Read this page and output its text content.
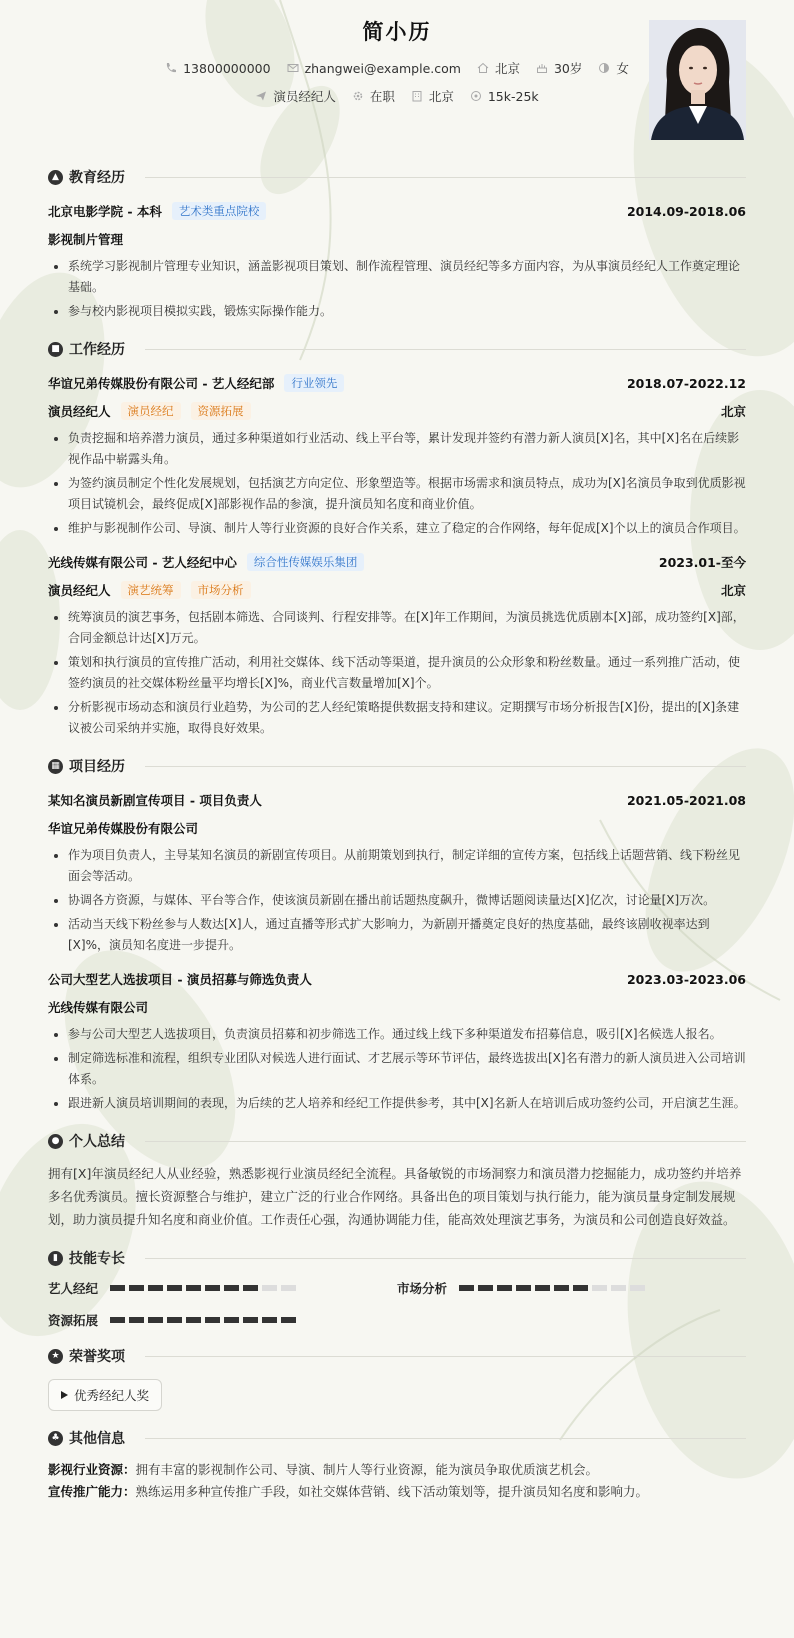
简小历
13800000000	zhangwei@example.com	北京	30岁	女
演员经纪人	在职	北京	15k-25k
▲ 教育经历
北京电影学院 - 本科	艺术类重点院校	2014.09-2018.06
影视制片管理
• 系统学习影视制片管理专业知识，涵盖影视项目策划、制作流程管理、演员经纪等多方面内容，为从事演员经纪人工作奠定理论基础。
• 参与校内影视项目模拟实践，锻炼实际操作能力。
■ 工作经历
华谊兄弟传媒股份有限公司 - 艺人经纪部	行业领先	2018.07-2022.12
演员经纪人	演员经纪	资源拓展	北京
• 负责挖掘和培养潜力演员，通过多种渠道如行业活动、线上平台等，累计发现并签约有潜力新人演员[X]名，其中[X]名在后续影视作品中崭露头角。
• 为签约演员制定个性化发展规划，包括演艺方向定位、形象塑造等。根据市场需求和演员特点，成功为[X]名演员争取到优质影视项目试镜机会，最终促成[X]部影视作品的参演，提升演员知名度和商业价值。
• 维护与影视制作公司、导演、制片人等行业资源的良好合作关系，建立了稳定的合作网络，每年促成[X]个以上的演员合作项目。
光线传媒有限公司 - 艺人经纪中心	综合性传媒娱乐集团	2023.01-至今
演员经纪人	演艺统筹	市场分析	北京
• 统筹演员的演艺事务，包括剧本筛选、合同谈判、行程安排等。在[X]年工作期间，为演员挑选优质剧本[X]部，成功签约[X]部，合同金额总计达[X]万元。
• 策划和执行演员的宣传推广活动，利用社交媒体、线下活动等渠道，提升演员的公众形象和粉丝数量。通过一系列推广活动，使签约演员的社交媒体粉丝量平均增长[X]%，商业代言数量增加[X]个。
• 分析影视市场动态和演员行业趋势，为公司的艺人经纪策略提供数据支持和建议。定期撰写市场分析报告[X]份，提出的[X]条建议被公司采纳并实施，取得良好效果。
▦ 项目经历
某知名演员新剧宣传项目 - 项目负责人	2021.05-2021.08
华谊兄弟传媒股份有限公司
• 作为项目负责人，主导某知名演员的新剧宣传项目。从前期策划到执行，制定详细的宣传方案，包括线上话题营销、线下粉丝见面会等活动。
• 协调各方资源，与媒体、平台等合作，使该演员新剧在播出前话题热度飙升，微博话题阅读量达[X]亿次，讨论量[X]万次。
• 活动当天线下粉丝参与人数达[X]人，通过直播等形式扩大影响力，为新剧开播奠定良好的热度基础，最终该剧收视率达到[X]%，演员知名度进一步提升。
公司大型艺人选拔项目 - 演员招募与筛选负责人	2023.03-2023.06
光线传媒有限公司
• 参与公司大型艺人选拔项目，负责演员招募和初步筛选工作。通过线上线下多种渠道发布招募信息，吸引[X]名候选人报名。
• 制定筛选标准和流程，组织专业团队对候选人进行面试、才艺展示等环节评估，最终选拔出[X]名有潜力的新人演员进入公司培训体系。
• 跟进新人演员培训期间的表现，为后续的艺人培养和经纪工作提供参考，其中[X]名新人在培训后成功签约公司，开启演艺生涯。
● 个人总结
拥有[X]年演员经纪人从业经验，熟悉影视行业演员经纪全流程。具备敏锐的市场洞察力和演员潜力挖掘能力，成功签约并培养多名优秀演员。擅长资源整合与维护，建立广泛的行业合作网络。具备出色的项目策划与执行能力，能为演员量身定制发展规划，助力演员提升知名度和商业价值。工作责任心强，沟通协调能力佳，能高效处理演艺事务，为演员和公司创造良好效益。
▮ 技能专长
艺人经纪	市场分析
资源拓展
★ 荣誉奖项
优秀经纪人奖
♣ 其他信息
影视行业资源：拥有丰富的影视制作公司、导演、制片人等行业资源，能为演员争取优质演艺机会。
宣传推广能力：熟练运用多种宣传推广手段，如社交媒体营销、线下活动策划等，提升演员知名度和影响力。
